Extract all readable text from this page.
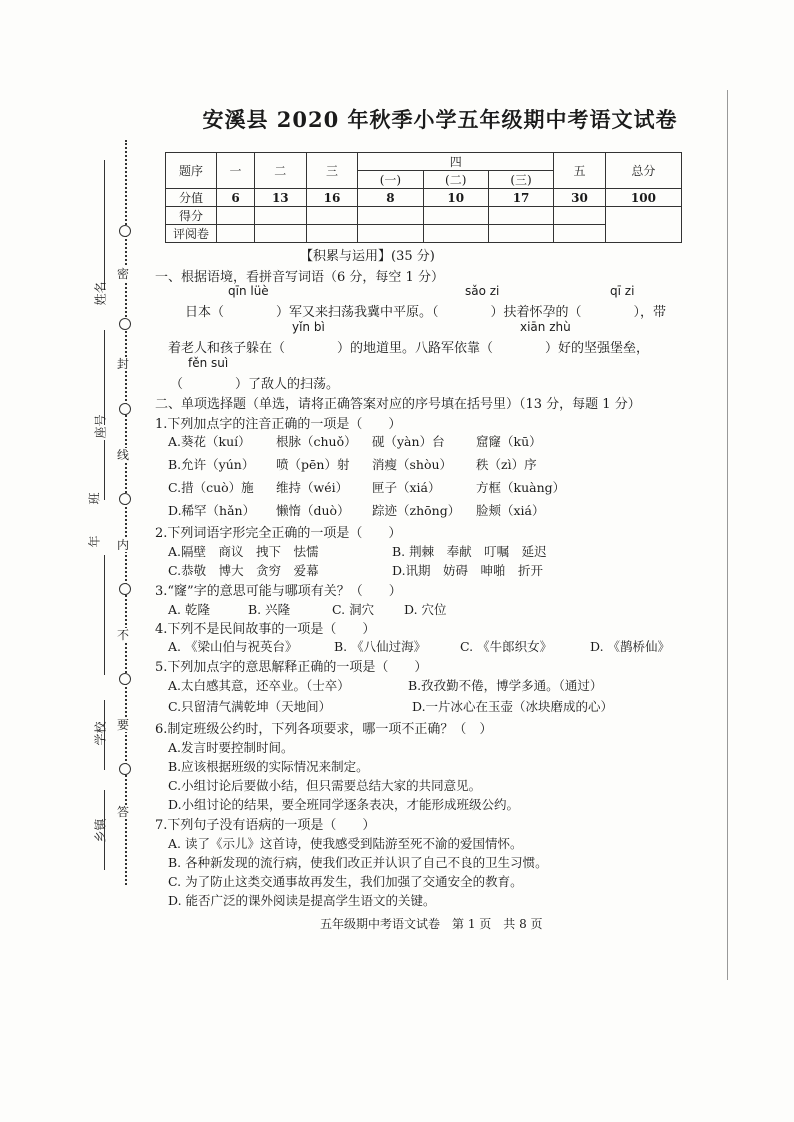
密
封
线
内
不
要
答
姓名
座号
班
年
学校
乡镇
安溪县 2020 年秋季小学五年级期中考语文试卷
题序	一	二	三	四			五	总分
				(一)	(二)	(三)		
分值	6	13	16	8	10	17	30	100
得分								
评阅卷								
【积累与运用】(35 分)
一、根据语境，看拼音写词语（6 分，每空 1 分）
qīn lüè	sǎo zi	qī zi
日本（　　　　）军又来扫荡我冀中平原。（　　　　）扶着怀孕的（　　　　），带
yǐn bì	xiān zhù
着老人和孩子躲在（　　　　）的地道里。八路军依靠（　　　　）好的坚强堡垒，
fěn suì
（　　　　）了敌人的扫荡。
二、单项选择题（单选，请将正确答案对应的序号填在括号里）（13 分，每题 1 分）
1.下列加点字的注音正确的一项是（　　）
A.葵花（kuí） 根脉（chuǒ） 砚（yàn）台	窟窿（kū）
B.允许（yún） 喷（pēn）射 消瘦（shòu） 秩（zì）序
C.措（cuò）施 维持（wéi） 匣子（xiá）	方框（kuàng）
D.稀罕（hǎn） 懒惰（duò） 踪迹（zhōng） 脸颊（xiá）
2.下列词语字形完全正确的一项是（　　）
A.隔壁　商议　拽下　怯懦	B. 荆棘　奉献　叮嘱　延迟
C.恭敬　博大　贪穷　爱幕	D.讯期　妨碍　呻啪　折开
3.“窿”字的意思可能与哪项有关？（　　）
A. 乾隆	B. 兴隆	C. 洞穴 D. 穴位
4.下列不是民间故事的一项是（　　）
A. 《梁山伯与祝英台》	B. 《八仙过海》	C. 《牛郎织女》	D. 《鹊桥仙》
5.下列加点字的意思解释正确的一项是（　　）
A.太白感其意，还卒业。（士卒）	B.孜孜勤不倦，博学多通。（通过）
C.只留清气满乾坤（天地间）	D.一片冰心在玉壶（冰块磨成的心）
6.制定班级公约时，下列各项要求，哪一项不正确？（　）
A.发言时要控制时间。
B.应该根据班级的实际情况来制定。
C.小组讨论后要做小结，但只需要总结大家的共同意见。
D.小组讨论的结果，要全班同学逐条表决，才能形成班级公约。
7.下列句子没有语病的一项是（　　）
A. 读了《示儿》这首诗，使我感受到陆游至死不渝的爱国情怀。
B. 各种新发现的流行病，使我们改正并认识了自己不良的卫生习惯。
C. 为了防止这类交通事故再发生，我们加强了交通安全的教育。
D. 能否广泛的课外阅读是提高学生语文的关键。
五年级期中考语文试卷　第 1 页　共 8 页
